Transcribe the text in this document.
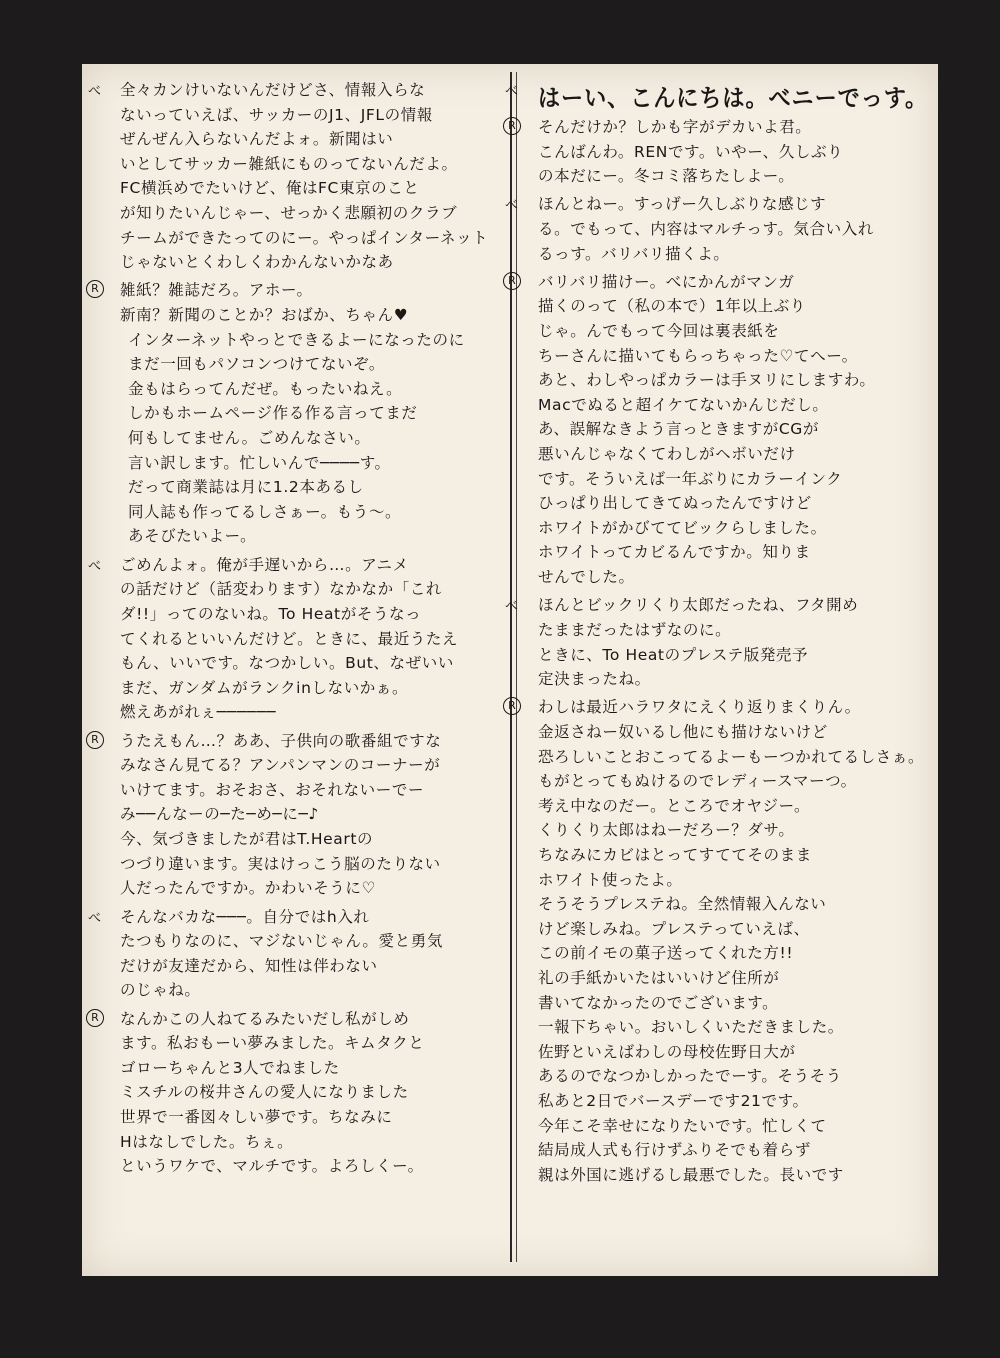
べ 全々カンけいないんだけどさ、情報入らな
ないっていえば、サッカーのJ1、JFLの情報
ぜんぜん入らないんだよォ。新聞はい
いとしてサッカー雑紙にものってないんだよ。
FC横浜めでたいけど、俺はFC東京のこと
が知りたいんじゃー、せっかく悲願初のクラブ
チームができたってのにー。やっぱインターネット
じゃないとくわしくわかんないかなあ
R	雑紙？雑誌だろ。アホー。
新南？新聞のことか？おばか、ちゃん♥
インターネットやっとできるよーになったのに
まだ一回もパソコンつけてないぞ。
金もはらってんだぜ。もったいねえ。
しかもホームページ作る作る言ってまだ
何もしてません。ごめんなさい。
言い訳します。忙しいんで────す。
だって商業誌は月に1.2本あるし
同人誌も作ってるしさぁー。もう～。
あそびたいよー。
べ ごめんよォ。俺が手遅いから…。アニメ
の話だけど（話変わります）なかなか「これ
ダ!!」ってのないね。To Heatがそうなっ
てくれるといいんだけど。ときに、最近うたえ
もん、いいです。なつかしい。But、なぜいい
まだ、ガンダムがランクinしないかぁ。
燃えあがれぇ──────
R	うたえもん…？ああ、子供向の歌番組ですな
みなさん見てる？アンパンマンのコーナーが
いけてます。おそおさ、おそれないーでー
み──んなーの─た─め─に─♪
今、気づきましたが君はT.Heartの
つづり違います。実はけっこう脳のたりない
人だったんですか。かわいそうに♡
べ そんなバカな───。自分ではh入れ
たつもりなのに、マジないじゃん。愛と勇気
だけが友達だから、知性は伴わない
のじゃね。
R	なんかこの人ねてるみたいだし私がしめ
ます。私おもーい夢みました。キムタクと
ゴローちゃんと3人でねました
ミスチルの桜井さんの愛人になりました
世界で一番図々しい夢です。ちなみに
Hはなしでした。ちぇ。
というワケで、マルチです。よろしくー。
べ はーい、こんにちは。べニーでっす。
R	そんだけか？しかも字がデカいよ君。
こんばんわ。RENです。いやー、久しぶり
の本だにー。冬コミ落ちたしよー。
べ ほんとねー。すっげー久しぶりな感じす
る。でもって、内容はマルチっす。気合い入れ
るっす。バリバリ描くよ。
R	バリバリ描けー。べにかんがマンガ
描くのって（私の本で）1年以上ぶり
じゃ。んでもって今回は裏表紙を
ちーさんに描いてもらっちゃった♡てへー。
あと、わしやっぱカラーは手ヌリにしますわ。
Macでぬると超イケてないかんじだし。
あ、誤解なきよう言っときますがCGが
悪いんじゃなくてわしがヘボいだけ
です。そういえば一年ぶりにカラーインク
ひっぱり出してきてぬったんですけど
ホワイトがかびててビックらしました。
ホワイトってカビるんですか。知りま
せんでした。
べ ほんとビックリくり太郎だったね、フタ開め
たままだったはずなのに。
ときに、To Heatのプレステ版発売予
定決まったね。
R	わしは最近ハラワタにえくり返りまくりん。
金返さねー奴いるし他にも描けないけど
恐ろしいことおこってるよーもーつかれてるしさぁ。
もがとってもぬけるのでレディースマーつ。
考え中なのだー。ところでオヤジー。
くりくり太郎はねーだろー？ダサ。
ちなみにカビはとってすててそのまま
ホワイト使ったよ。
そうそうプレステね。全然情報入んない
けど楽しみね。プレステっていえば、
この前イモの菓子送ってくれた方!!
礼の手紙かいたはいいけど住所が
書いてなかったのでございます。
一報下ちゃい。おいしくいただきました。
佐野といえばわしの母校佐野日大が
あるのでなつかしかったでーす。そうそう
私あと2日でバースデーです21です。
今年こそ幸せになりたいです。忙しくて
結局成人式も行けずふりそでも着らず
親は外国に逃げるし最悪でした。長いです
